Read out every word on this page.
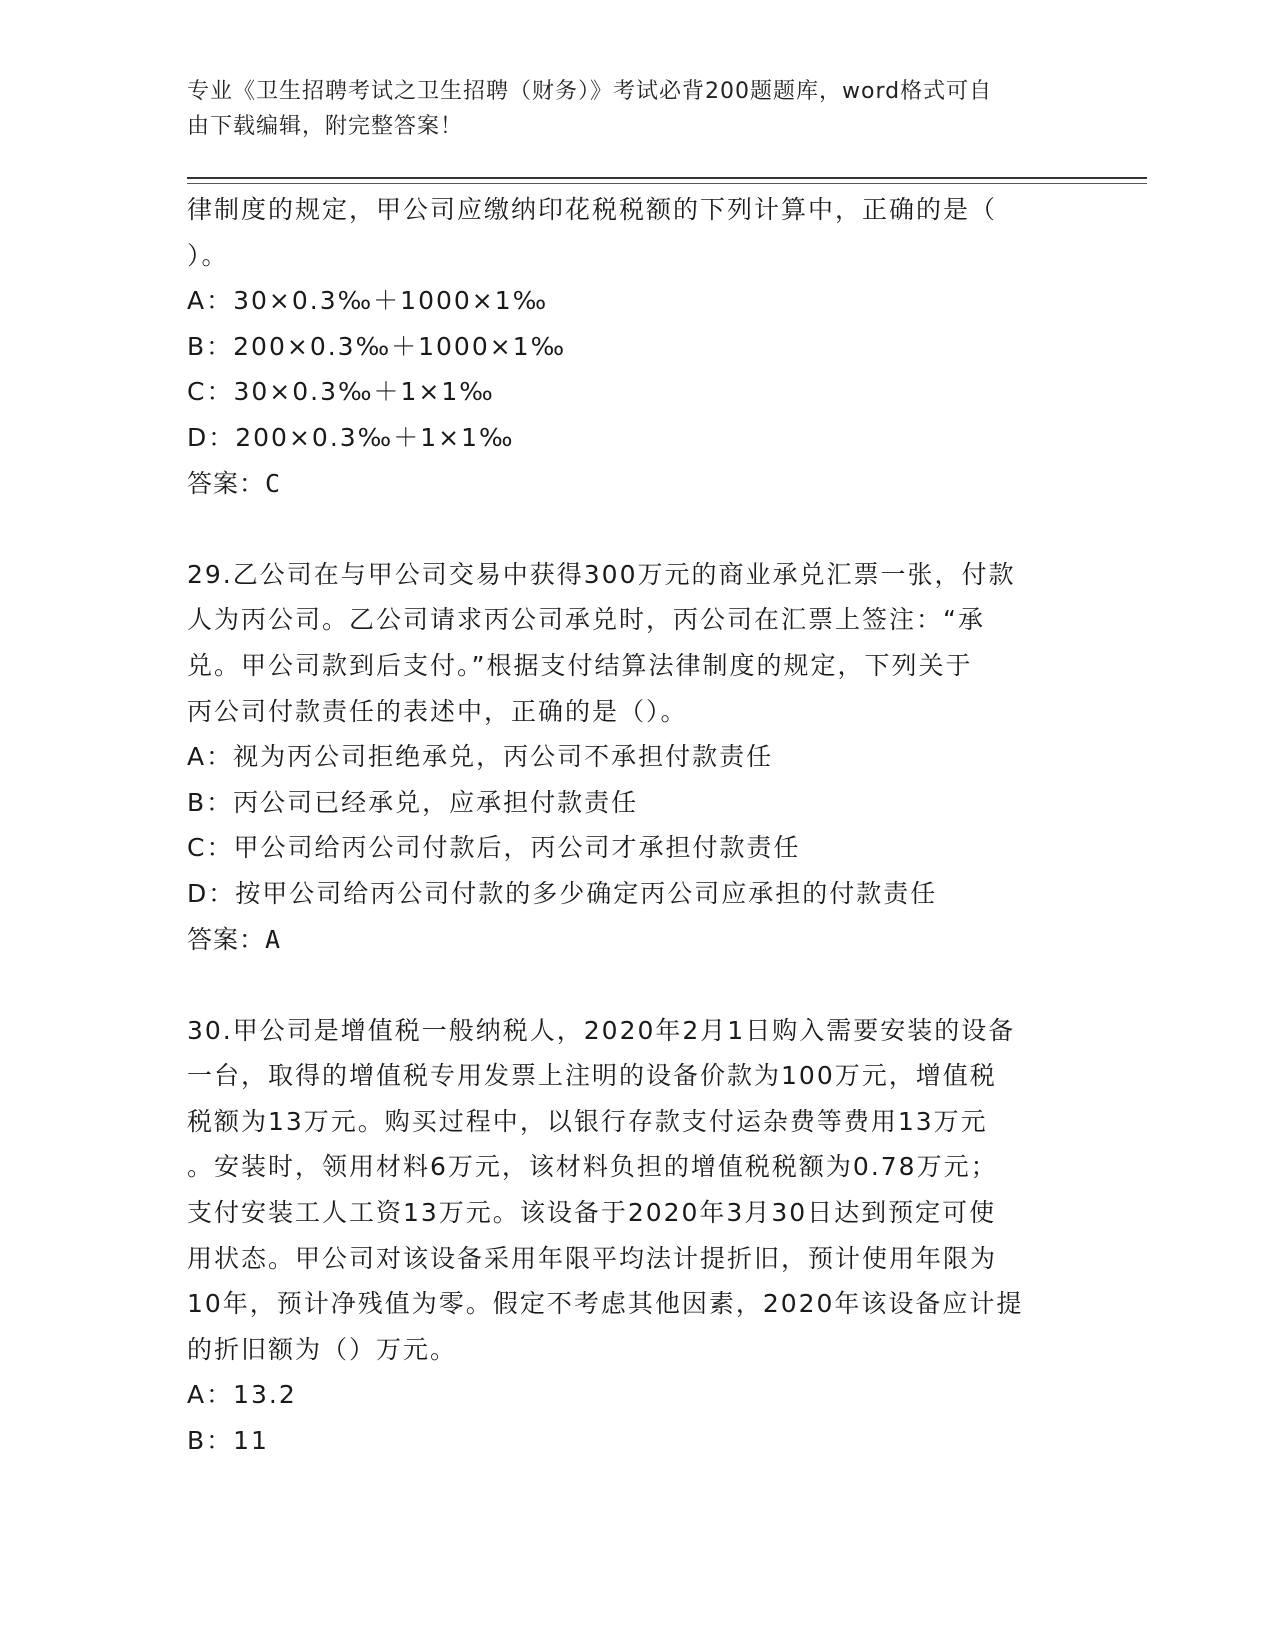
专业《卫生招聘考试之卫生招聘（财务）》考试必背200题题库，word格式可自
由下载编辑，附完整答案！
律制度的规定，甲公司应缴纳印花税税额的下列计算中，正确的是（
）。
A：30×0.3‰＋1000×1‰
B：200×0.3‰＋1000×1‰
C：30×0.3‰＋1×1‰
D：200×0.3‰＋1×1‰
答案：C
29.乙公司在与甲公司交易中获得300万元的商业承兑汇票一张，付款
人为丙公司。乙公司请求丙公司承兑时，丙公司在汇票上签注：“承
兑。甲公司款到后支付。”根据支付结算法律制度的规定，下列关于
丙公司付款责任的表述中，正确的是（）。
A：视为丙公司拒绝承兑，丙公司不承担付款责任
B：丙公司已经承兑，应承担付款责任
C：甲公司给丙公司付款后，丙公司才承担付款责任
D：按甲公司给丙公司付款的多少确定丙公司应承担的付款责任
答案：A
30.甲公司是增值税一般纳税人，2020年2月1日购入需要安装的设备
一台，取得的增值税专用发票上注明的设备价款为100万元，增值税
税额为13万元。购买过程中，以银行存款支付运杂费等费用13万元
。安装时，领用材料6万元，该材料负担的增值税税额为0.78万元；
支付安装工人工资13万元。该设备于2020年3月30日达到预定可使
用状态。甲公司对该设备采用年限平均法计提折旧，预计使用年限为
10年，预计净残值为零。假定不考虑其他因素，2020年该设备应计提
的折旧额为（）万元。
A：13.2
B：11
